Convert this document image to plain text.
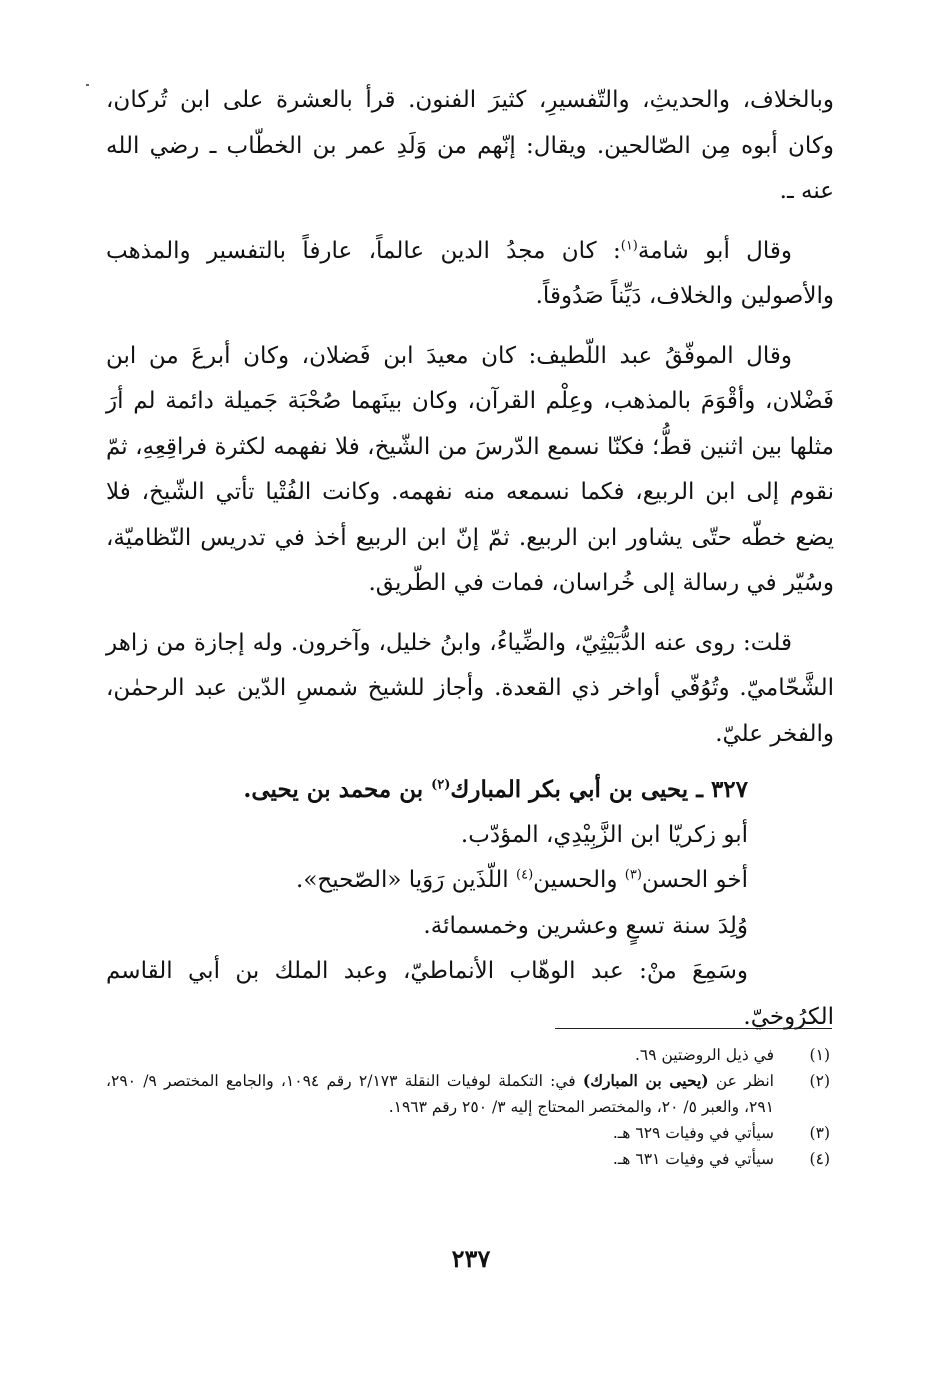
وبالخلاف، والحديثِ، والتّفسيرِ، كثيرَ الفنون. قرأ بالعشرة على ابن تُركان، وكان أبوه مِن الصّالحين. ويقال: إنّهم من وَلَدِ عمر بن الخطّاب ـ رضي الله عنه ـ.

وقال أبو شامة$^{(١)}$: كان مجدُ الدين عالماً، عارفاً بالتفسير والمذهب والأصولين والخلاف، دَيِّناً صَدُوقاً.

وقال الموفّقُ عبد اللّطيف: كان معيدَ ابن فَضلان، وكان أبرعَ من ابن فَضْلان، وأقْوَمَ بالمذهب، وعِلْم القرآن، وكان بينَهما صُحْبَة جَميلة دائمة لم أرَ مثلها بين اثنين قطُّ؛ فكنّا نسمع الدّرسَ من الشّيخ، فلا نفهمه لكثرة فراقِعِهِ، ثمّ نقوم إلى ابن الربيع، فكما نسمعه منه نفهمه. وكانت الفُتْيا تأتي الشّيخ، فلا يضع خطّه حتّى يشاور ابن الربيع. ثمّ إنّ ابن الربيع أخذ في تدريس النّظاميّة، وسُيّر في رسالة إلى خُراسان، فمات في الطّريق.

قلت: روى عنه الدُّبَيْثِيّ، والضِّياءُ، وابنُ خليل، وآخرون. وله إجازة من زاهر الشَّحّاميّ. وتُوُفّي أواخر ذي القعدة. وأجاز للشيخ شمسِ الدّين عبد الرحمٰن، والفخر عليّ.

٣٢٧ ـ يحيى بن أبي بكر المبارك$^{(٢)}$ بن محمد بن يحيى.

أبو زكريّا ابن الزَّبِيْدِي، المؤدّب.

أخو الحسن$^{(٣)}$ والحسين$^{(٤)}$ اللّذَين رَوَيا «الصّحيح».

وُلِدَ سنة تسعٍ وعشرين وخمسمائة.

وسَمِعَ منْ: عبد الوهّاب الأنماطيّ، وعبد الملك بن أبي القاسم الكرُوخيّ.

(١)
في ذيل الروضتين ٦٩.
(٢)
انظر عن (يحيى بن المبارك) في: التكملة لوفيات النقلة ٢/١٧٣ رقم ١٠٩٤، والجامع المختصر ٩/ ٢٩٠، ٢٩١، والعبر ٥/ ٢٠، والمختصر المحتاج إليه ٣/ ٢٥٠ رقم ١٩٦٣.
(٣)
سيأتي في وفيات ٦٢٩ هـ.
(٤)
سيأتي في وفيات ٦٣١ هـ.
٢٣٧
